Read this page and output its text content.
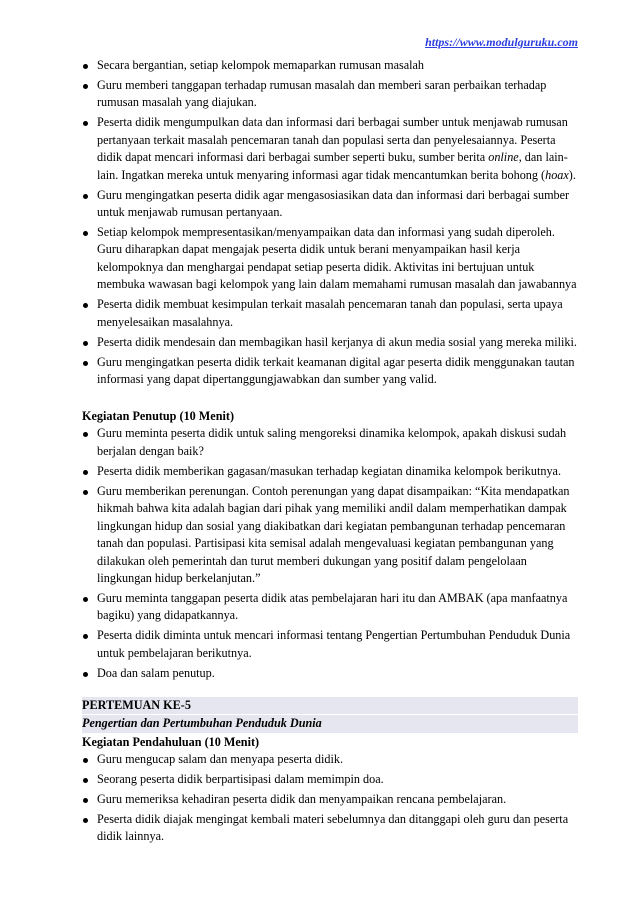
https://www.modulguruku.com
Secara bergantian, setiap kelompok memaparkan rumusan masalah
Guru memberi tanggapan terhadap rumusan masalah dan memberi saran perbaikan terhadap rumusan masalah yang diajukan.
Peserta didik mengumpulkan data dan informasi dari berbagai sumber untuk menjawab rumusan pertanyaan terkait masalah pencemaran tanah dan populasi serta dan penyelesaiannya. Peserta didik dapat mencari informasi dari berbagai sumber seperti buku, sumber berita online, dan lain-lain. Ingatkan mereka untuk menyaring informasi agar tidak mencantumkan berita bohong (hoax).
Guru mengingatkan peserta didik agar mengasosiasikan data dan informasi dari berbagai sumber untuk menjawab rumusan pertanyaan.
Setiap kelompok mempresentasikan/menyampaikan data dan informasi yang sudah diperoleh. Guru diharapkan dapat mengajak peserta didik untuk berani menyampaikan hasil kerja kelompoknya dan menghargai pendapat setiap peserta didik. Aktivitas ini bertujuan untuk membuka wawasan bagi kelompok yang lain dalam memahami rumusan masalah dan jawabannya
Peserta didik membuat kesimpulan terkait masalah pencemaran tanah dan populasi, serta upaya menyelesaikan masalahnya.
Peserta didik mendesain dan membagikan hasil kerjanya di akun media sosial yang mereka miliki.
Guru mengingatkan peserta didik terkait keamanan digital agar peserta didik menggunakan tautan informasi yang dapat dipertanggungjawabkan dan sumber yang valid.

Kegiatan Penutup (10 Menit)

Guru meminta peserta didik untuk saling mengoreksi dinamika kelompok, apakah diskusi sudah berjalan dengan baik?
Peserta didik memberikan gagasan/masukan terhadap kegiatan dinamika kelompok berikutnya.
Guru memberikan perenungan. Contoh perenungan yang dapat disampaikan: “Kita mendapatkan hikmah bahwa kita adalah bagian dari pihak yang memiliki andil dalam memperhatikan dampak lingkungan hidup dan sosial yang diakibatkan dari kegiatan pembangunan terhadap pencemaran tanah dan populasi. Partisipasi kita semisal adalah mengevaluasi kegiatan pembangunan yang dilakukan oleh pemerintah dan turut memberi dukungan yang positif dalam pengelolaan lingkungan hidup berkelanjutan.”
Guru meminta tanggapan peserta didik atas pembelajaran hari itu dan AMBAK (apa manfaatnya bagiku) yang didapatkannya.
Peserta didik diminta untuk mencari informasi tentang Pengertian Pertumbuhan Penduduk Dunia untuk pembelajaran berikutnya.
Doa dan salam penutup.
PERTEMUAN KE-5
Pengertian dan Pertumbuhan Penduduk Dunia

Kegiatan Pendahuluan (10 Menit)

Guru mengucap salam dan menyapa peserta didik.
Seorang peserta didik berpartisipasi dalam memimpin doa.
Guru memeriksa kehadiran peserta didik dan menyampaikan rencana pembelajaran.
Peserta didik diajak mengingat kembali materi sebelumnya dan ditanggapi oleh guru dan peserta didik lainnya.
